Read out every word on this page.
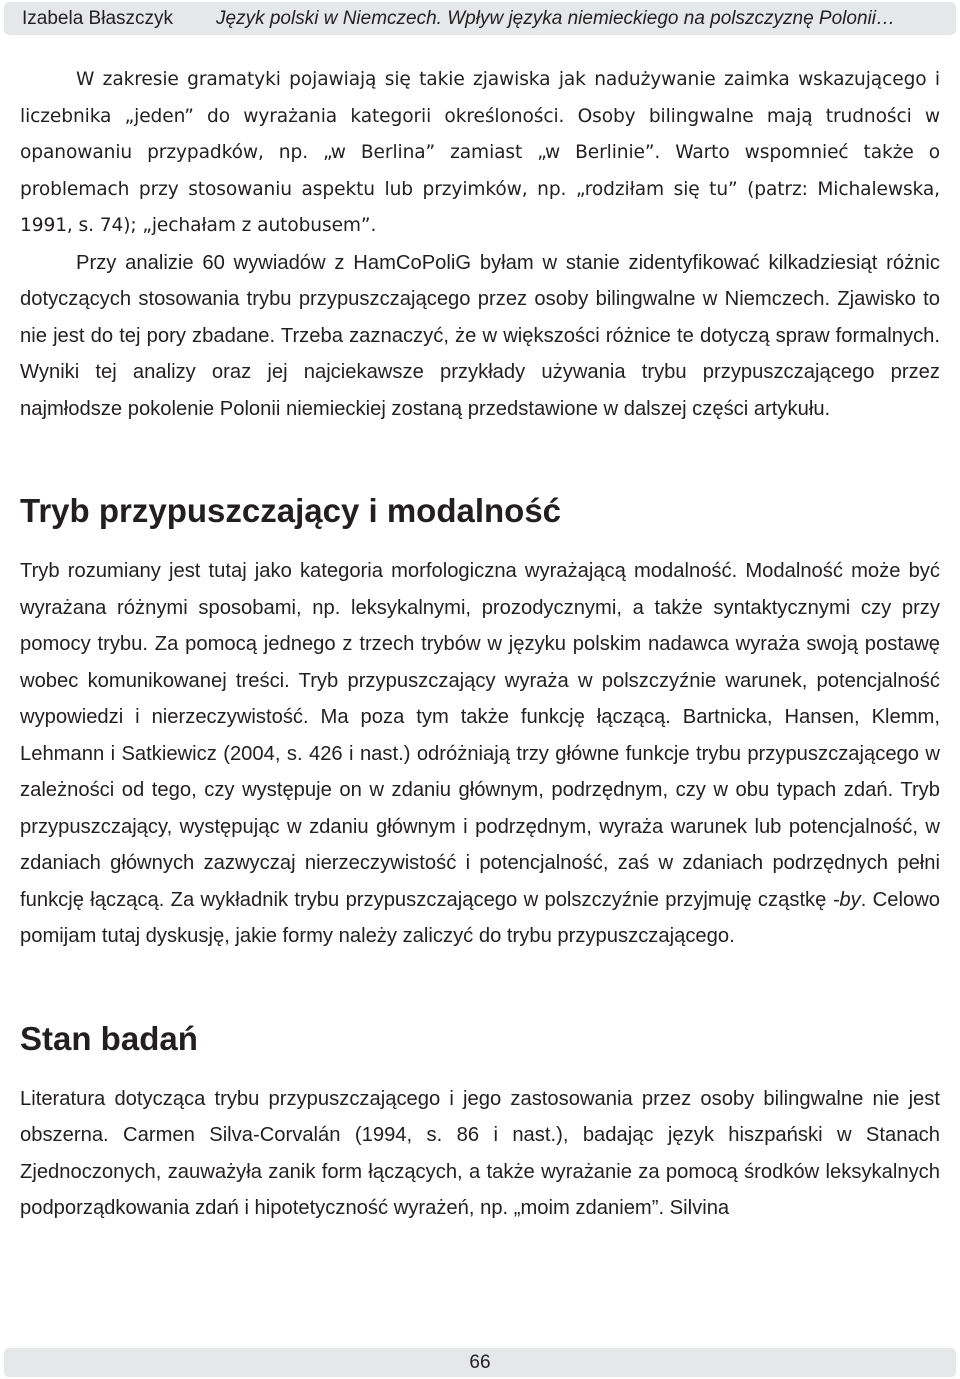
Izabela Błaszczyk Język polski w Niemczech. Wpływ języka niemieckiego na polszczyznę Polonii…

W zakresie gramatyki pojawiają się takie zjawiska jak nadużywanie zaimka wskazującego i liczebnika „jeden” do wyrażania kategorii określoności. Osoby bilingwalne mają trudności w opanowaniu przypadków, np. „w Berlina” zamiast „w Berlinie”. Warto wspomnieć także o problemach przy stosowaniu aspektu lub przyimków, np. „rodziłam się tu” (patrz: Michalewska, 1991, s. 74); „jechałam z autobusem”.

Przy analizie 60 wywiadów z HamCoPoliG byłam w stanie zidentyfikować kilkadziesiąt różnic dotyczących stosowania trybu przypuszczającego przez osoby bilingwalne w Niemczech. Zjawisko to nie jest do tej pory zbadane. Trzeba zaznaczyć, że w większości różnice te dotyczą spraw formalnych. Wyniki tej analizy oraz jej najciekawsze przykłady używania trybu przypuszczającego przez najmłodsze pokolenie Polonii niemieckiej zostaną przedstawione w dalszej części artykułu.

Tryb przypuszczający i modalność

Tryb rozumiany jest tutaj jako kategoria morfologiczna wyrażającą modalność. Modalność może być wyrażana różnymi sposobami, np. leksykalnymi, prozodycznymi, a także syntaktycznymi czy przy pomocy trybu. Za pomocą jednego z trzech trybów w języku polskim nadawca wyraża swoją postawę wobec komunikowanej treści. Tryb przypuszczający wyraża w polszczyźnie warunek, potencjalność wypowiedzi i nierzeczywistość. Ma poza tym także funkcję łączącą. Bartnicka, Hansen, Klemm, Lehmann i Satkiewicz (2004, s. 426 i nast.) odróżniają trzy główne funkcje trybu przypuszczającego w zależności od tego, czy występuje on w zdaniu głównym, podrzędnym, czy w obu typach zdań. Tryb przypuszczający, występując w zdaniu głównym i podrzędnym, wyraża warunek lub potencjalność, w zdaniach głównych zazwyczaj nierzeczywistość i potencjalność, zaś w zdaniach podrzędnych pełni funkcję łączącą. Za wykładnik trybu przypuszczającego w polszczyźnie przyjmuję cząstkę -by. Celowo pomijam tutaj dyskusję, jakie formy należy zaliczyć do trybu przypuszczającego.

Stan badań

Literatura dotycząca trybu przypuszczającego i jego zastosowania przez osoby bilingwalne nie jest obszerna. Carmen Silva-Corvalán (1994, s. 86 i nast.), badając język hiszpański w Stanach Zjednoczonych, zauważyła zanik form łączących, a także wyrażanie za pomocą środków leksykalnych podporządkowania zdań i hipotetyczność wyrażeń, np. „moim zdaniem”. Silvina

66
